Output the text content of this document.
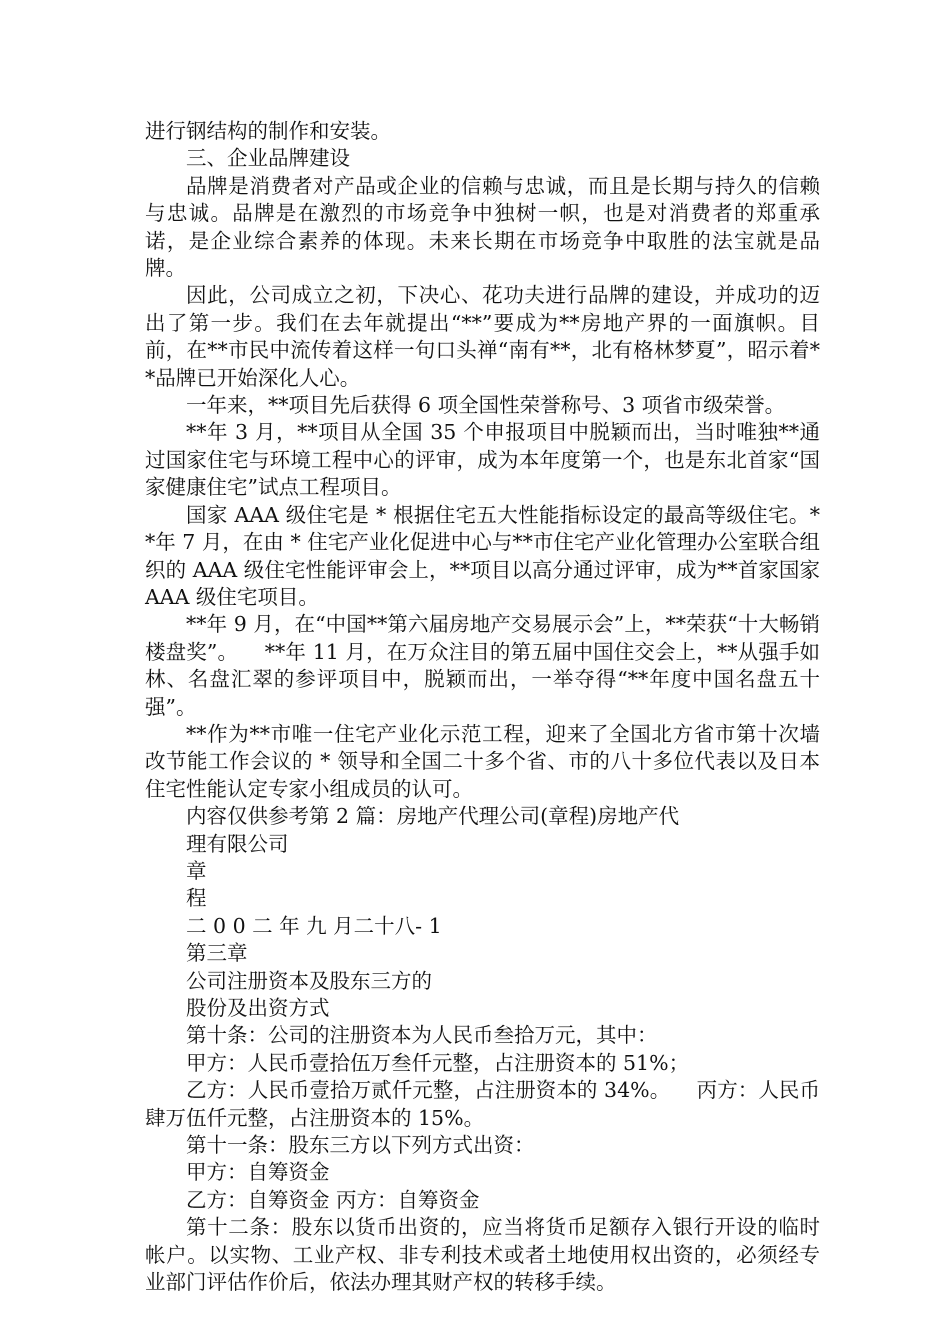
进行钢结构的制作和安装。

三、企业品牌建设

品牌是消费者对产品或企业的信赖与忠诚，而且是长期与持久的信赖与忠诚。品牌是在激烈的市场竞争中独树一帜，也是对消费者的郑重承诺，是企业综合素养的体现。未来长期在市场竞争中取胜的法宝就是品牌。

因此，公司成立之初，下决心、花功夫进行品牌的建设，并成功的迈出了第一步。我们在去年就提出“**”要成为**房地产界的一面旗帜。目前，在**市民中流传着这样一句口头禅“南有**，北有格林梦夏”，昭示着**品牌已开始深化人心。

一年来，**项目先后获得 6 项全国性荣誉称号、3 项省市级荣誉。

**年 3 月，**项目从全国 35 个申报项目中脱颖而出，当时唯独**通过国家住宅与环境工程中心的评审，成为本年度第一个，也是东北首家“国家健康住宅”试点工程项目。

国家 AAA 级住宅是 * 根据住宅五大性能指标设定的最高等级住宅。**年 7 月，在由 * 住宅产业化促进中心与**市住宅产业化管理办公室联合组织的 AAA 级住宅性能评审会上，**项目以高分通过评审，成为**首家国家 AAA 级住宅项目。

**年 9 月，在“中国**第六届房地产交易展示会”上，**荣获“十大畅销楼盘奖”。    **年 11 月，在万众注目的第五届中国住交会上，**从强手如林、名盘汇翠的参评项目中，脱颖而出，一举夺得“**年度中国名盘五十强”。

**作为**市唯一住宅产业化示范工程，迎来了全国北方省市第十次墙改节能工作会议的 * 领导和全国二十多个省、市的八十多位代表以及日本住宅性能认定专家小组成员的认可。

内容仅供参考第 2 篇：房地产代理公司(章程)房地产代

理有限公司

章

程

二 0 0 二 年 九 月二十八- 1

第三章

公司注册资本及股东三方的

股份及出资方式

第十条：公司的注册资本为人民币叁拾万元，其中：

甲方：人民币壹拾伍万叁仟元整，占注册资本的 51%；

乙方：人民币壹拾万贰仟元整，占注册资本的 34%。    丙方：人民币肆万伍仟元整，占注册资本的 15%。

第十一条：股东三方以下列方式出资：

甲方：自筹资金

乙方：自筹资金 丙方：自筹资金

第十二条：股东以货币出资的，应当将货币足额存入银行开设的临时帐户。以实物、工业产权、非专利技术或者土地使用权出资的，必须经专业部门评估作价后，依法办理其财产权的转移手续。
